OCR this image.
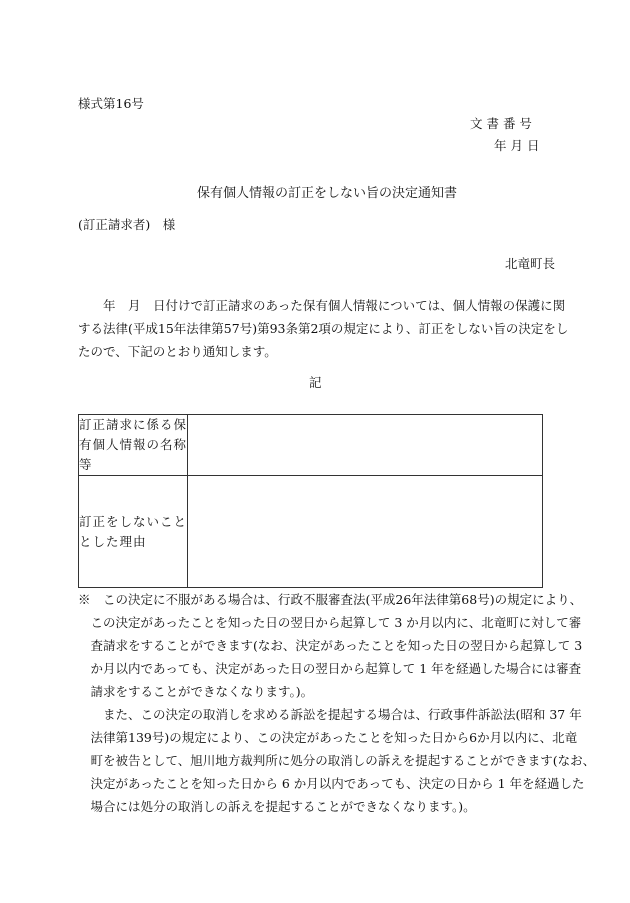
様式第16号
文 書 番 号
年 月 日
保有個人情報の訂正をしない旨の決定通知書
(訂正請求者)　様
北竜町長
　　年　月　日付けで訂正請求のあった保有個人情報については、個人情報の保護に関
する法律(平成15年法律第57号)第93条第2項の規定により、訂正をしない旨の決定をし
たので、下記のとおり通知します。
記
訂正請求に係る保
有個人情報の名称
等	

訂正をしないこと
とした理由	

※　この決定に不服がある場合は、行政不服審査法(平成26年法律第68号)の規定により、
　この決定があったことを知った日の翌日から起算して 3 か月以内に、北竜町に対して審
　査請求をすることができます(なお、決定があったことを知った日の翌日から起算して 3
　か月以内であっても、決定があった日の翌日から起算して 1 年を経過した場合には審査
　請求をすることができなくなります。)。
　　また、この決定の取消しを求める訴訟を提起する場合は、行政事件訴訟法(昭和 37 年
　法律第139号)の規定により、この決定があったことを知った日から6か月以内に、北竜
　町を被告として、旭川地方裁判所に処分の取消しの訴えを提起することができます(なお、
　決定があったことを知った日から 6 か月以内であっても、決定の日から 1 年を経過した
　場合には処分の取消しの訴えを提起することができなくなります。)。
